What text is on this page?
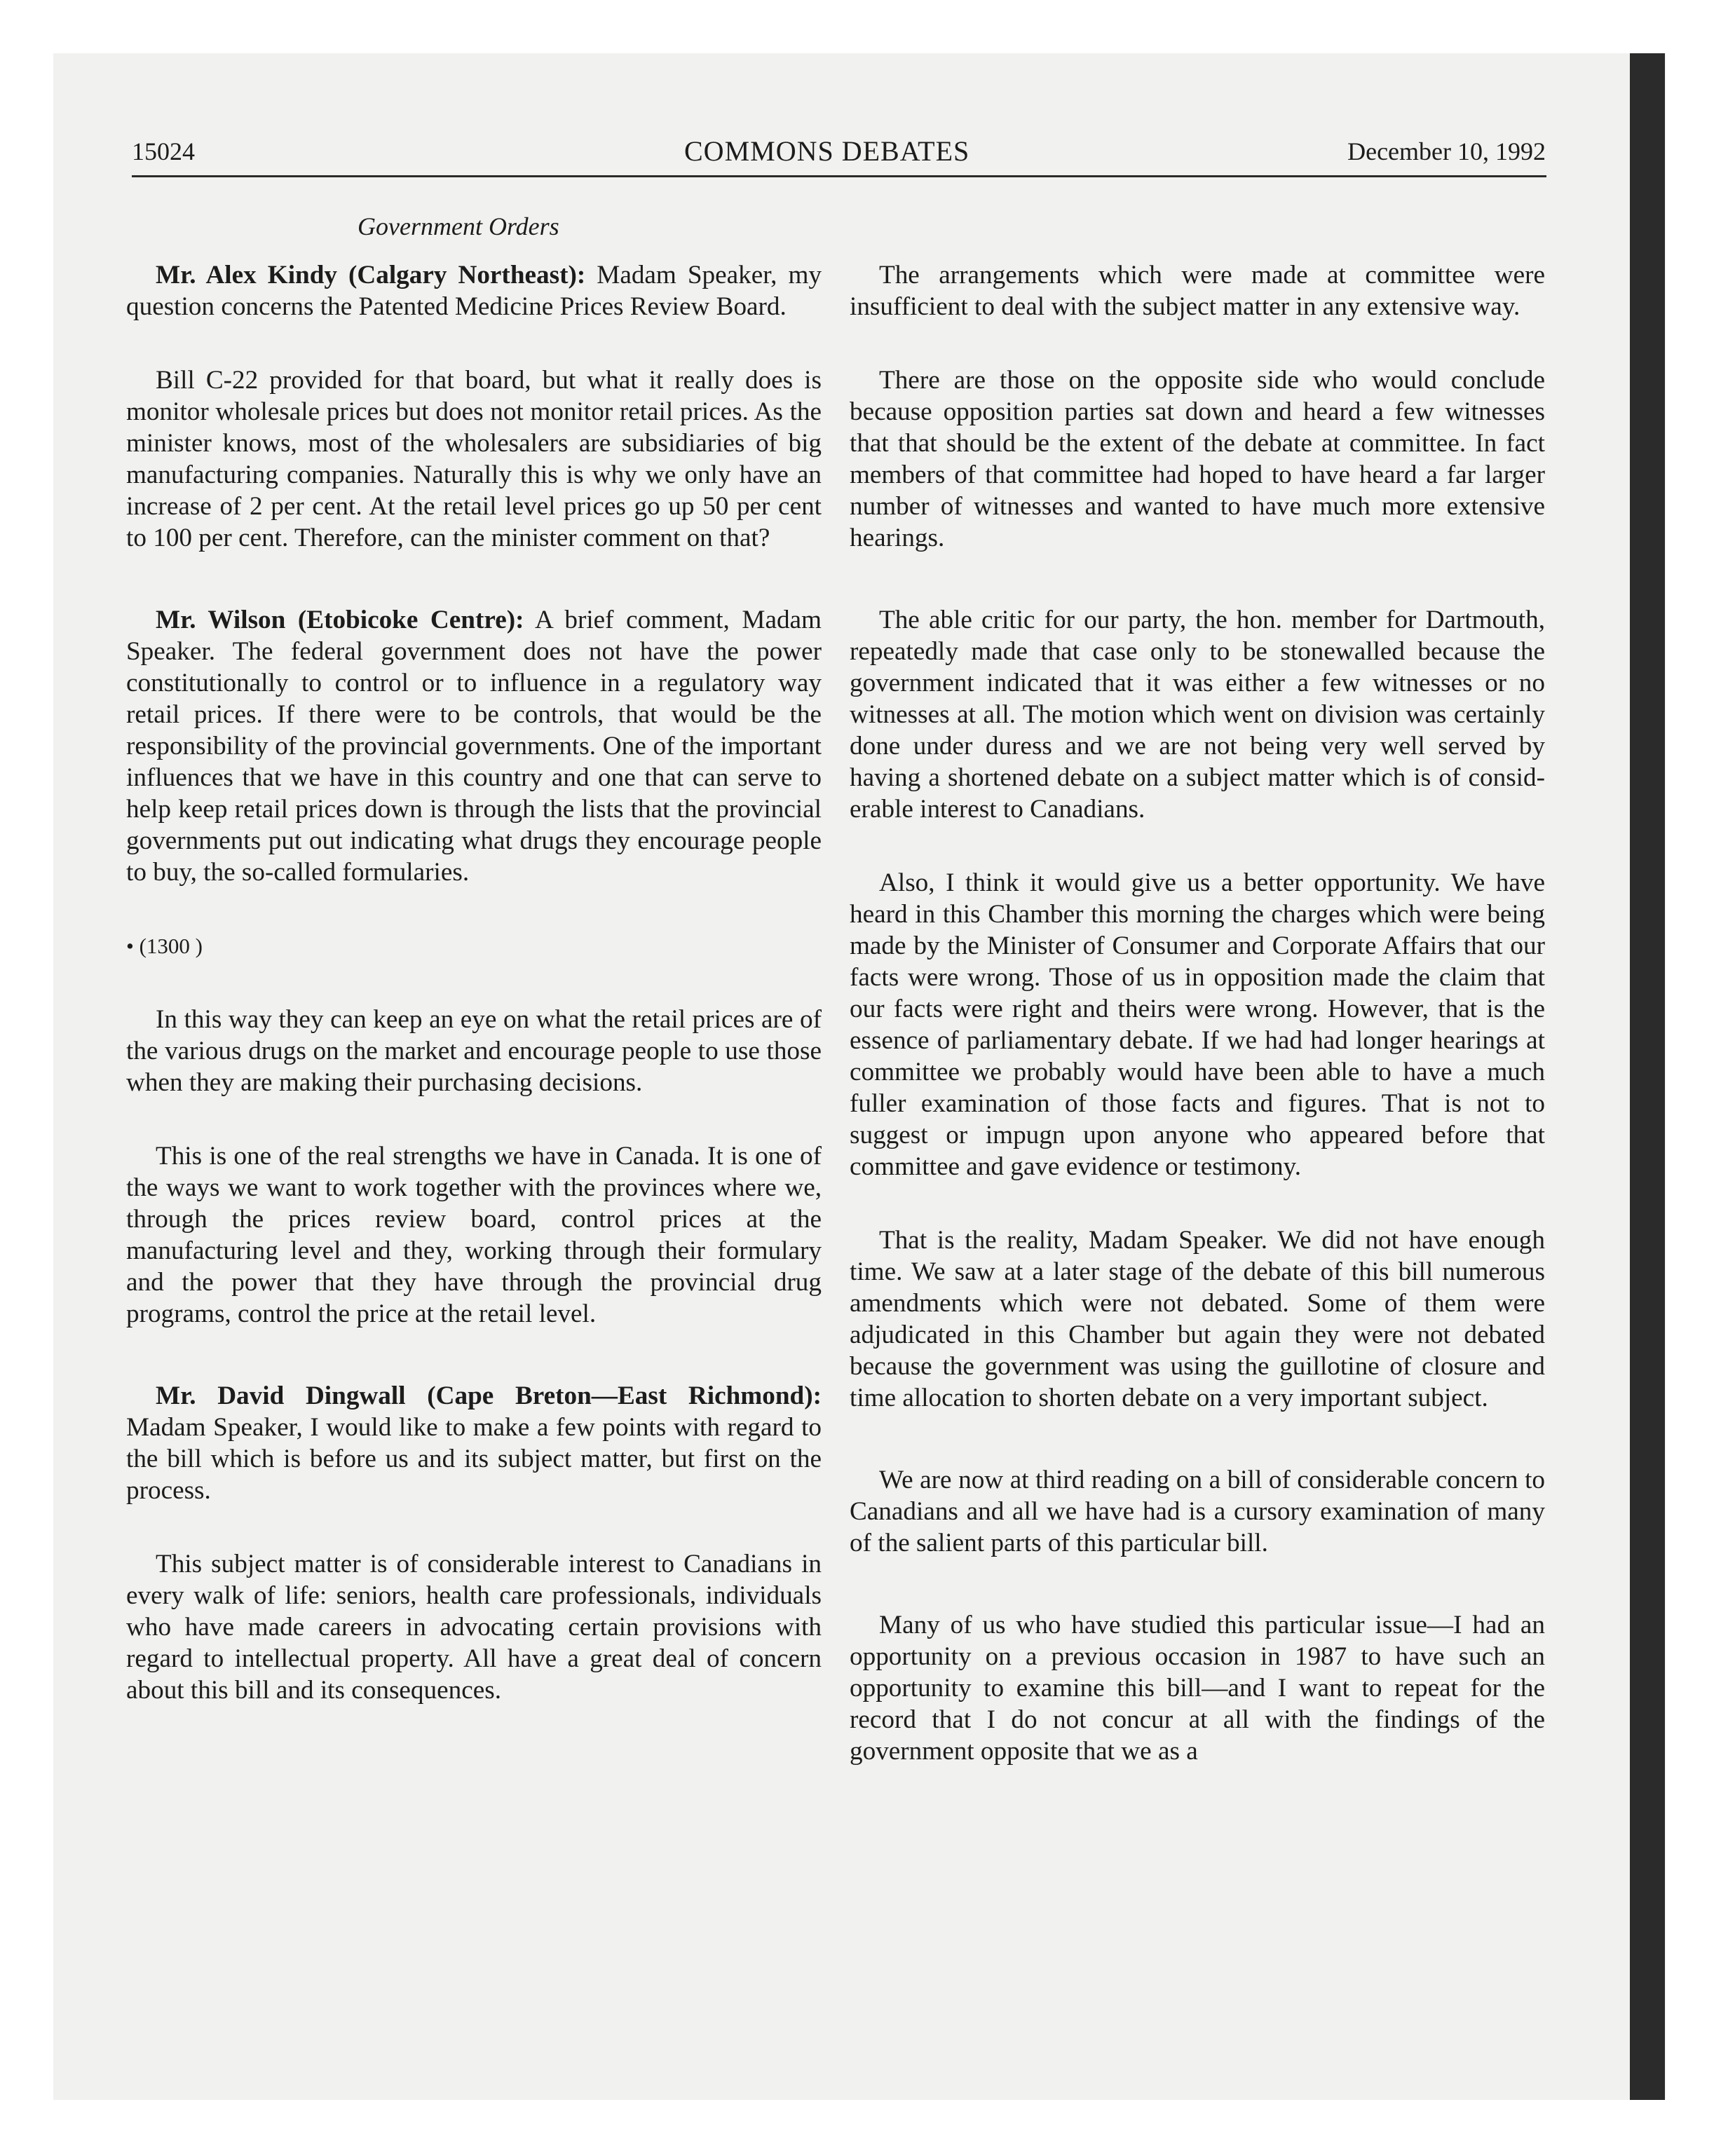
15024	COMMONS DEBATES	December 10, 1992
Government Orders

Mr. Alex Kindy (Calgary Northeast): Madam Speaker, my question concerns the Patented Medicine Prices Review Board.

Bill C-22 provided for that board, but what it really does is monitor wholesale prices but does not monitor retail prices. As the minister knows, most of the wholesalers are subsidiaries of big manufacturing companies. Naturally this is why we only have an increase of 2 per cent. At the retail level prices go up 50 per cent to 100 per cent. Therefore, can the minister comment on that?

Mr. Wilson (Etobicoke Centre): A brief comment, Madam Speaker. The federal government does not have the power constitutionally to control or to influence in a regulatory way retail prices. If there were to be controls, that would be the responsibility of the provincial governments. One of the important influences that we have in this country and one that can serve to help keep retail prices down is through the lists that the provincial governments put out indicating what drugs they encourage people to buy, the so-called formularies.

• (1300 )

In this way they can keep an eye on what the retail prices are of the various drugs on the market and encourage people to use those when they are making their purchasing decisions.

This is one of the real strengths we have in Canada. It is one of the ways we want to work together with the provinces where we, through the prices review board, control prices at the manufacturing level and they, working through their formulary and the power that they have through the provincial drug programs, control the price at the retail level.

Mr. David Dingwall (Cape Breton—East Richmond): Madam Speaker, I would like to make a few points with regard to the bill which is before us and its subject matter, but first on the process.

This subject matter is of considerable interest to Canadians in every walk of life: seniors, health care professionals, individuals who have made careers in advocating certain provisions with regard to intellectual property. All have a great deal of concern about this bill and its consequences.

The arrangements which were made at committee were insufficient to deal with the subject matter in any extensive way.

There are those on the opposite side who would conclude because opposition parties sat down and heard a few witnesses that that should be the extent of the debate at committee. In fact members of that committee had hoped to have heard a far larger number of witnesses and wanted to have much more extensive hearings.

The able critic for our party, the hon. member for Dartmouth, repeatedly made that case only to be stonewalled because the government indicated that it was either a few witnesses or no witnesses at all. The motion which went on division was certainly done under duress and we are not being very well served by having a shortened debate on a subject matter which is of considerable interest to Canadians.

Also, I think it would give us a better opportunity. We have heard in this Chamber this morning the charges which were being made by the Minister of Consumer and Corporate Affairs that our facts were wrong. Those of us in opposition made the claim that our facts were right and theirs were wrong. However, that is the essence of parliamentary debate. If we had had longer hearings at committee we probably would have been able to have a much fuller examination of those facts and figures. That is not to suggest or impugn upon anyone who appeared before that committee and gave evidence or testimony.

That is the reality, Madam Speaker. We did not have enough time. We saw at a later stage of the debate of this bill numerous amendments which were not debated. Some of them were adjudicated in this Chamber but again they were not debated because the government was using the guillotine of closure and time allocation to shorten debate on a very important subject.

We are now at third reading on a bill of considerable concern to Canadians and all we have had is a cursory examination of many of the salient parts of this particular bill.

Many of us who have studied this particular issue—I had an opportunity on a previous occasion in 1987 to have such an opportunity to examine this bill—and I want to repeat for the record that I do not concur at all with the findings of the government opposite that we as a
